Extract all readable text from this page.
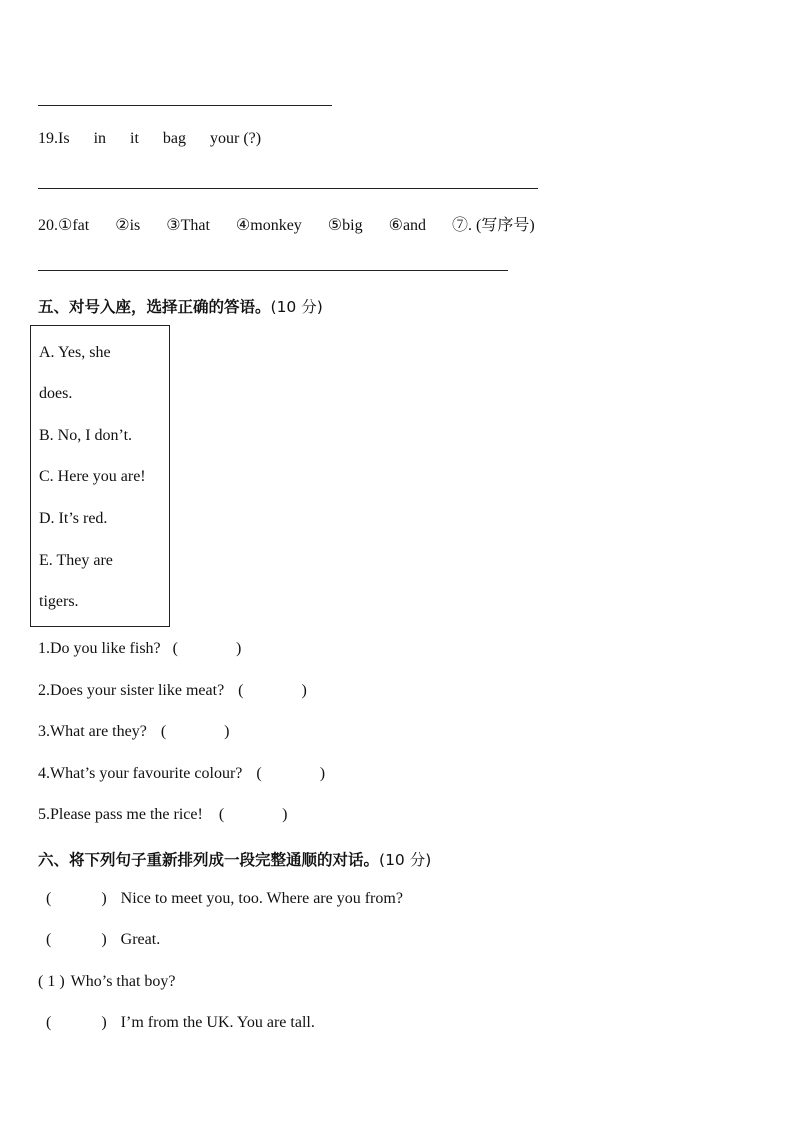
19.Is in it bag your (?)
20.①fat ②is ③That ④monkey ⑤big ⑥and ⑦. (写序号)
五、对号入座，选择正确的答语。(10 分)
A. Yes, she
does.
B. No, I don’t.
C. Here you are!
D. It’s red.
E. They are
tigers.
1.Do you like fish? (	)
2.Does your sister like meat? (	)
3.What are they? (	)
4.What’s your favourite colour? (	)
5.Please pass me the rice! (	)
六、将下列句子重新排列成一段完整通顺的对话。(10 分)
(	) Nice to meet you, too. Where are you from?
(	) Great.
( 1 ) Who’s that boy?
(	) I’m from the UK. You are tall.
